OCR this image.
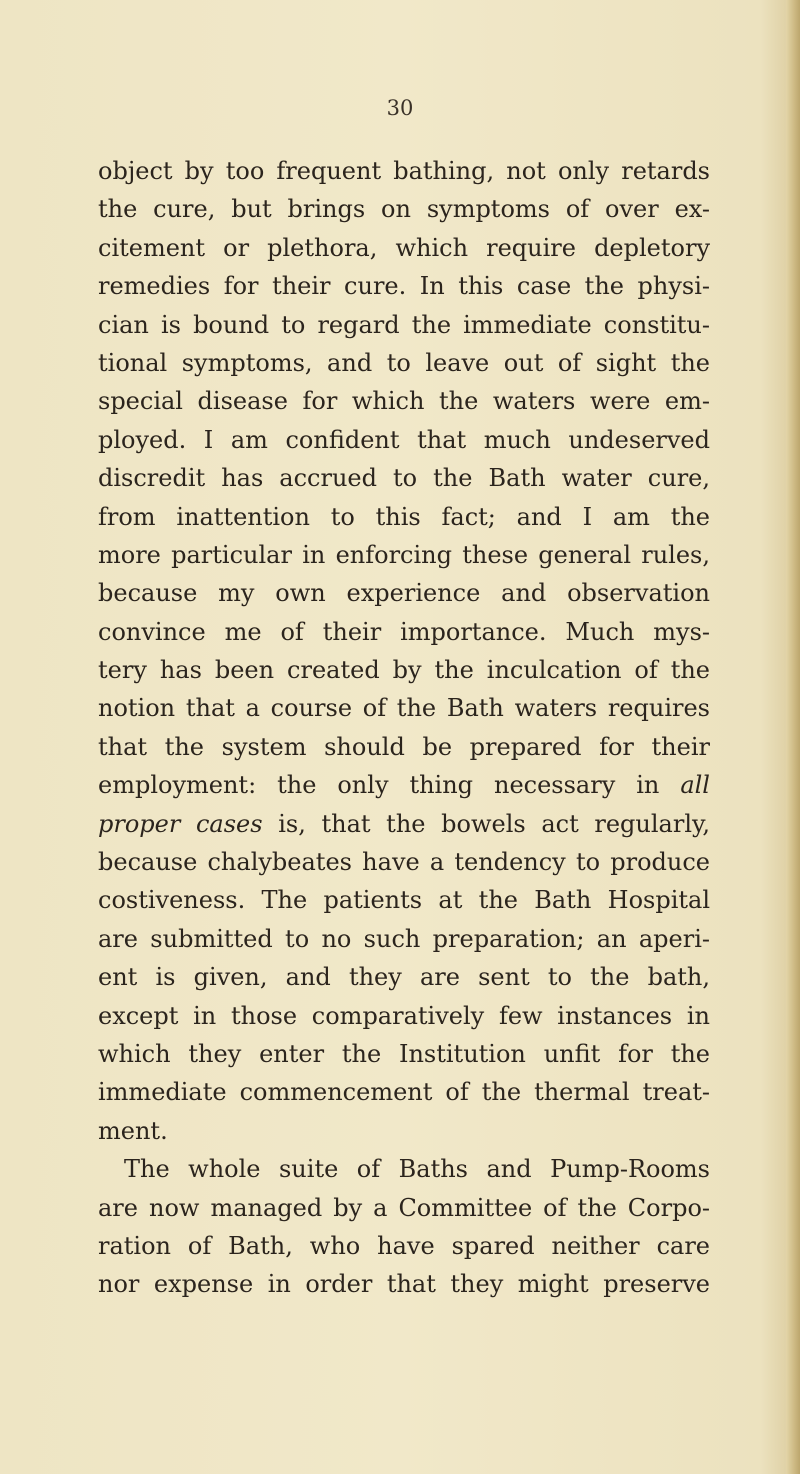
30
object by too frequent bathing, not only retards
the cure, but brings on symptoms of over ex-
citement or plethora, which require depletory
remedies for their cure. In this case the physi-
cian is bound to regard the immediate constitu-
tional symptoms, and to leave out of sight the
special disease for which the waters were em-
ployed. I am confident that much undeserved
discredit has accrued to the Bath water cure,
from inattention to this fact; and I am the
more particular in enforcing these general rules,
because my own experience and observation
convince me of their importance. Much mys-
tery has been created by the inculcation of the
notion that a course of the Bath waters requires
that the system should be prepared for their
employment: the only thing necessary in all
proper cases is, that the bowels act regularly,
because chalybeates have a tendency to produce
costiveness. The patients at the Bath Hospital
are submitted to no such preparation; an aperi-
ent is given, and they are sent to the bath,
except in those comparatively few instances in
which they enter the Institution unfit for the
immediate commencement of the thermal treat-
ment.
The whole suite of Baths and Pump-Rooms
are now managed by a Committee of the Corpo-
ration of Bath, who have spared neither care
nor expense in order that they might preserve
